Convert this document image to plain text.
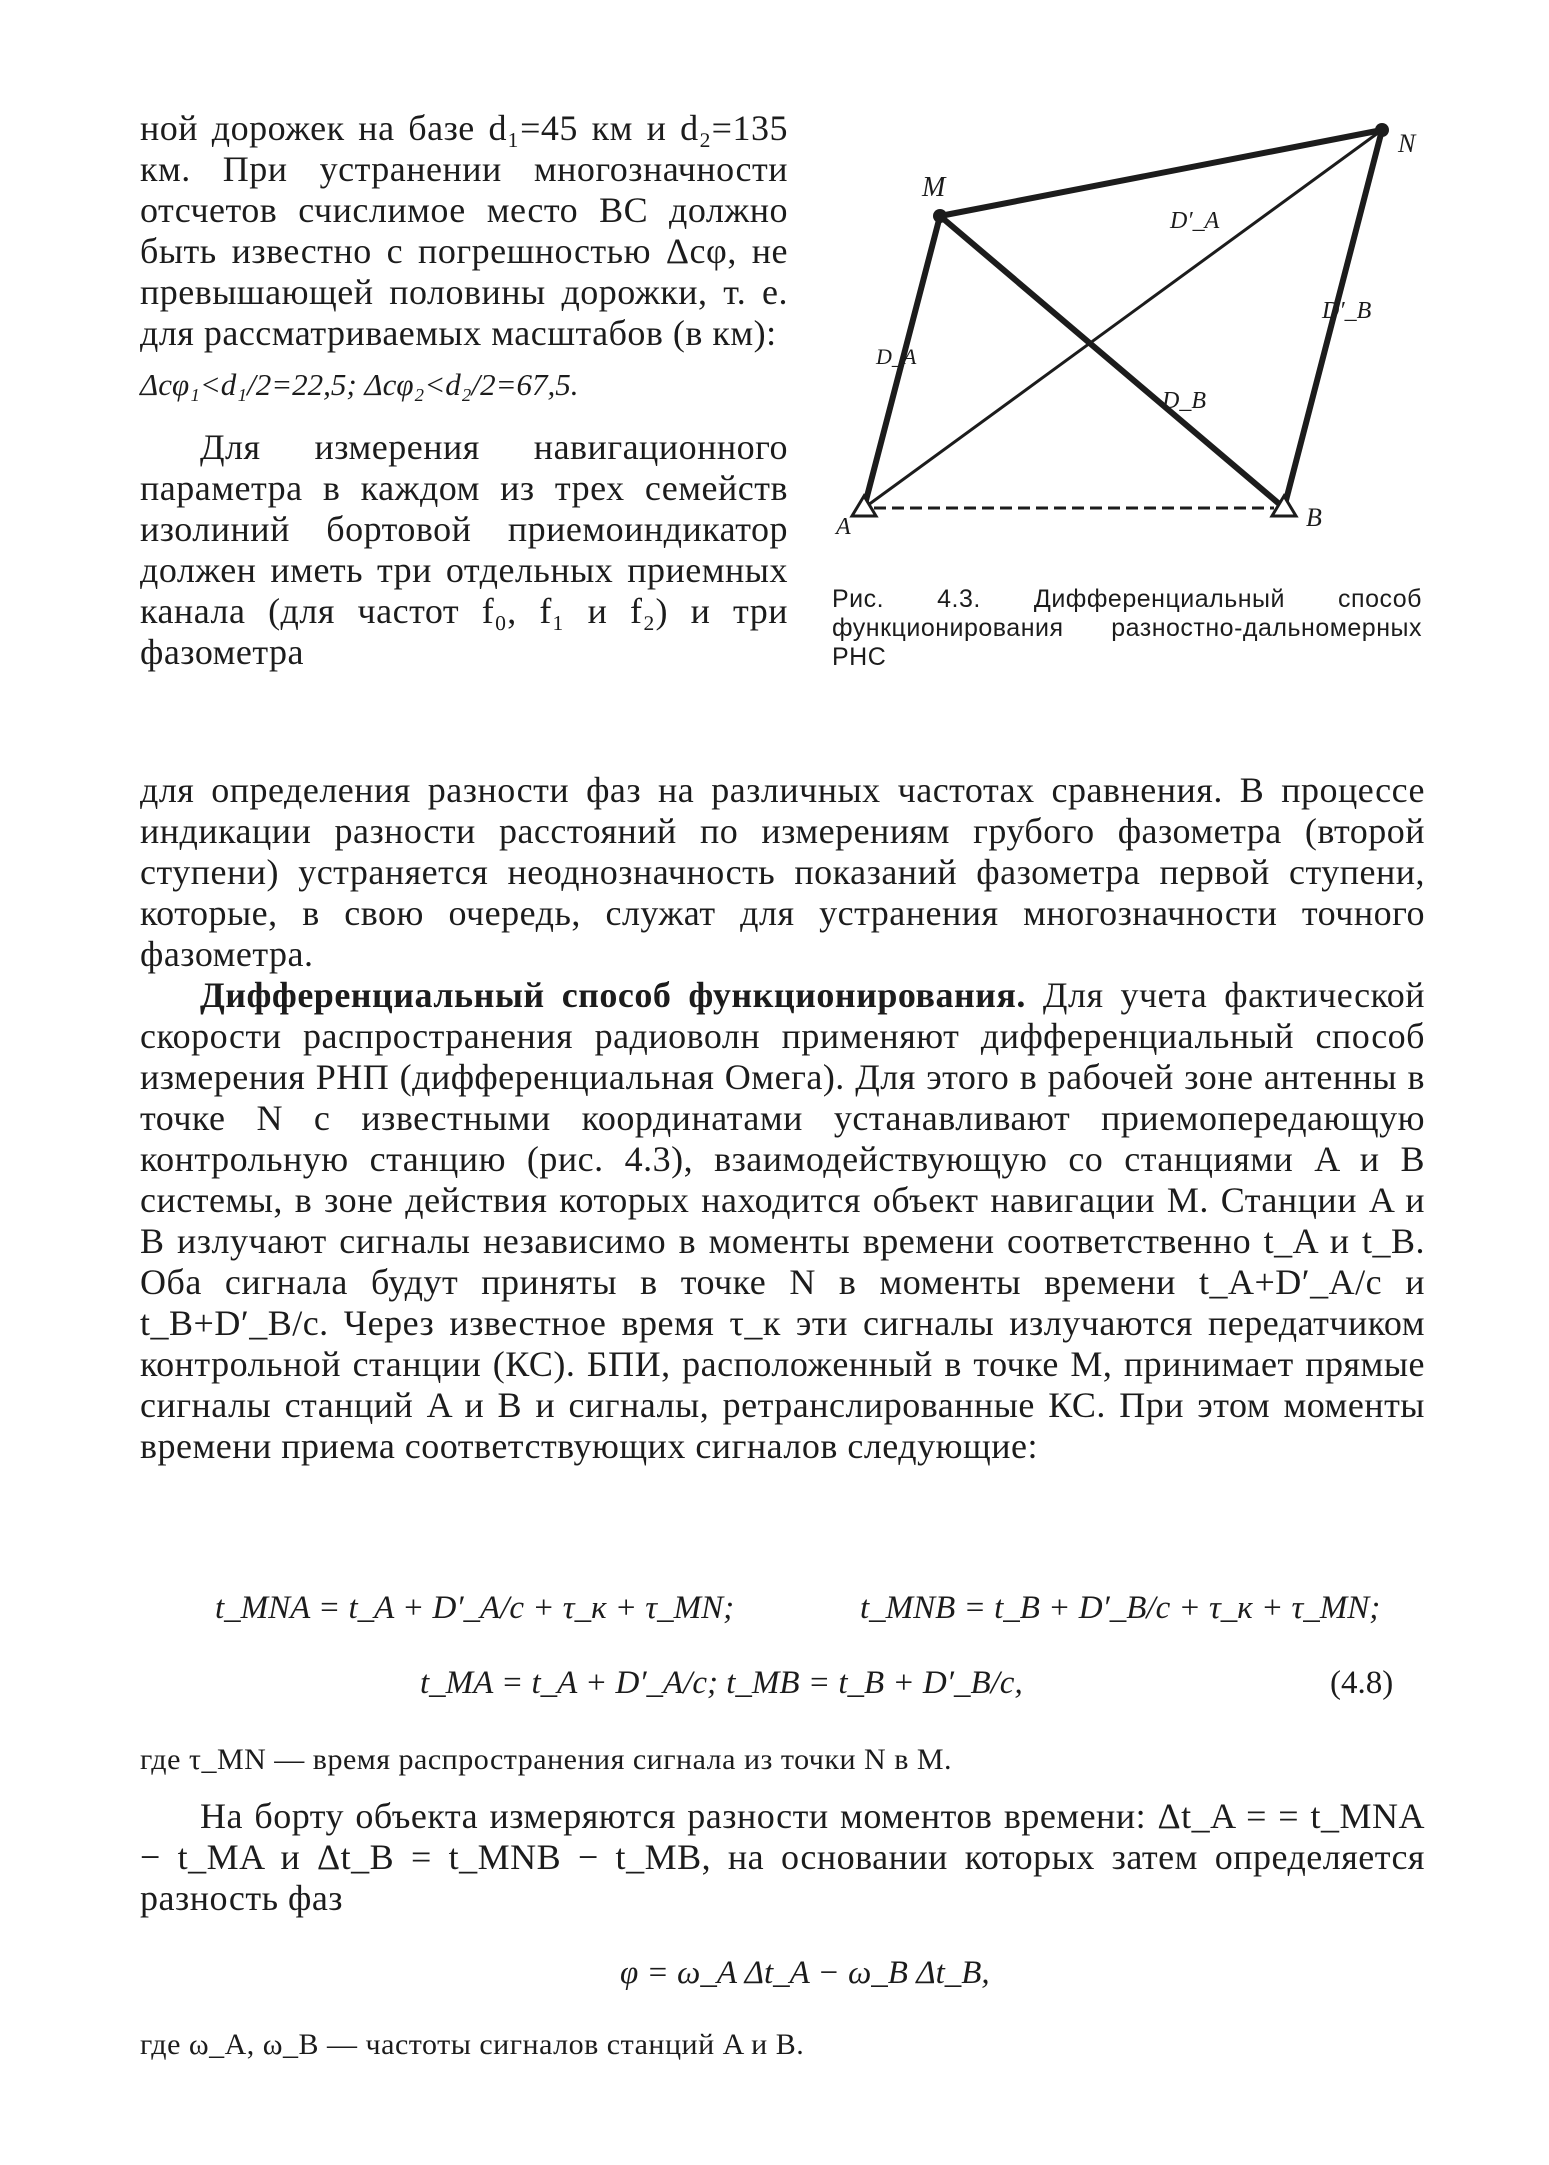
ной дорожек на базе d₁=45 км и d₂=135 км. При устранении многозначности отсчетов счислимое место ВС должно быть известно с погрешностью Δcφ, не превышающей половины дорожки, т. е. для рассматриваемых масштабов (в км):

Δcφ₁<d₁/2=22,5; Δcφ₂<d₂/2=67,5.

Для измерения навигационного параметра в каждом из трех семейств изолиний бортовой приемоиндикатор должен иметь три отдельных приемных канала (для частот f₀, f₁ и f₂) и три фазометра

M
N
A	B
D_A
D_B
D′_A
D′_B
Рис. 4.3. Дифференциальный способ функционирования разностно-дальномерных РНС

для определения разности фаз на различных частотах сравнения. В процессе индикации разности расстояний по измерениям грубого фазометра (второй ступени) устраняется неоднозначность показаний фазометра первой ступени, которые, в свою очередь, служат для устранения многозначности точного фазометра.

Дифференциальный способ функционирования. Для учета фактической скорости распространения радиоволн применяют дифференциальный способ измерения РНП (дифференциальная Омега). Для этого в рабочей зоне антенны в точке N с известными координатами устанавливают приемопередающую контрольную станцию (рис. 4.3), взаимодействующую со станциями A и B системы, в зоне действия которых находится объект навигации M. Станции A и B излучают сигналы независимо в моменты времени соответственно t_A и t_B. Оба сигнала будут приняты в точке N в моменты времени t_A+D′_A/c и t_B+D′_B/c. Через известное время τ_к эти сигналы излучаются передатчиком контрольной станции (КС). БПИ, расположенный в точке M, принимает прямые сигналы станций A и B и сигналы, ретранслированные КС. При этом моменты времени приема соответствующих сигналов следующие:

t_MNA = t_A + D′_A/c + τ_к + τ_MN;	t_MNB = t_B + D′_B/c + τ_к + τ_MN;
t_MA = t_A + D′_A/c; t_MB = t_B + D′_B/c,	(4.8)
где τ_MN — время распространения сигнала из точки N в M.

На борту объекта измеряются разности моментов времени: Δt_A = = t_MNA − t_MA и Δt_B = t_MNB − t_MB, на основании которых затем определяется разность фаз

φ = ω_A Δt_A − ω_B Δt_B,
где ω_A, ω_B — частоты сигналов станций A и B.
